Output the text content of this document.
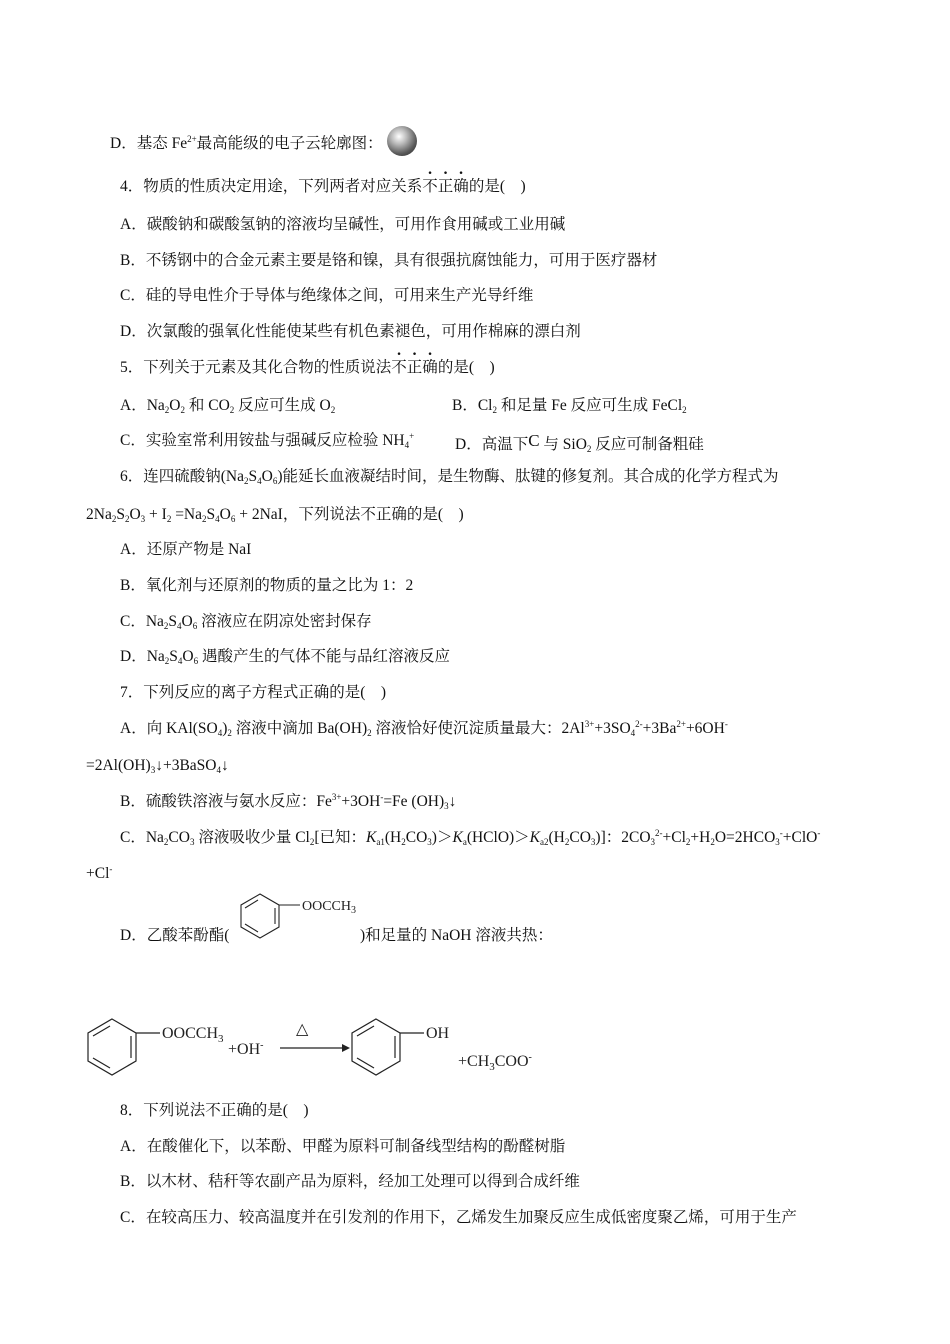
D．基态 $Fe^{2+}$最高能级的电子云轮廓图：
4．物质的性质决定用途，下列两者对应关系不正确的是(　)
A．碳酸钠和碳酸氢钠的溶液均呈碱性，可用作食用碱或工业用碱
B．不锈钢中的合金元素主要是铬和镍，具有很强抗腐蚀能力，可用于医疗器材
C．硅的导电性介于导体与绝缘体之间，可用来生产光导纤维
D．次氯酸的强氧化性能使某些有机色素褪色，可用作棉麻的漂白剂
5．下列关于元素及其化合物的性质说法不正确的是(　)
A．$Na_2O_2$ 和 $CO_2$ 反应可生成 $O_2$	B．$Cl_2$ 和足量 Fe 反应可生成 FeCl$_2$
C．实验室常利用铵盐与强碱反应检验 $NH_4^+$	D．高温下C 与 SiO$_2$ 反应可制备粗硅
6．连四硫酸钠$(Na_2S_4O_6)$能延长血液凝结时间，是生物酶、肽键的修复剂。其合成的化学方程式为
$2Na_2S_2O_3 + I_2 =Na_2S_4O_6 + 2NaI$，下列说法不正确的是(　)
A．还原产物是 NaI
B．氧化剂与还原剂的物质的量之比为 1：2
C．$Na_2S_4O_6$ 溶液应在阴凉处密封保存
D．$Na_2S_4O_6$ 遇酸产生的气体不能与品红溶液反应
7．下列反应的离子方程式正确的是(　)
A．向 $KAl(SO_4)_2$ 溶液中滴加 $Ba(OH)_2$ 溶液恰好使沉淀质量最大：$2Al^{3+}+3SO_4^{2-}+3Ba^{2+}+6OH^-$
$=2Al(OH)_3↓+3BaSO_4↓$
B．硫酸铁溶液与氨水反应：$Fe^{3+}+3OH^-=Fe$ $(OH)_3↓$
C．$Na_2CO_3$ 溶液吸收少量 $Cl_2$[已知：$K_{a1}(H_2CO_3)>K_a(HClO)>K_{a2}(H_2CO_3)$]：$2CO_3^{2-}+Cl_2+H_2O=2HCO_3^-+ClO^-$
+Cl-
D．乙酸苯酚酯(
$OOCCH_3$
)和足量的 NaOH 溶液共热：
$OOCCH_3$
+OH-
△	OH
$+CH_3COO^-$
8．下列说法不正确的是(　)
A．在酸催化下，以苯酚、甲醛为原料可制备线型结构的酚醛树脂
B．以木材、秸秆等农副产品为原料，经加工处理可以得到合成纤维
C．在较高压力、较高温度并在引发剂的作用下，乙烯发生加聚反应生成低密度聚乙烯，可用于生产
